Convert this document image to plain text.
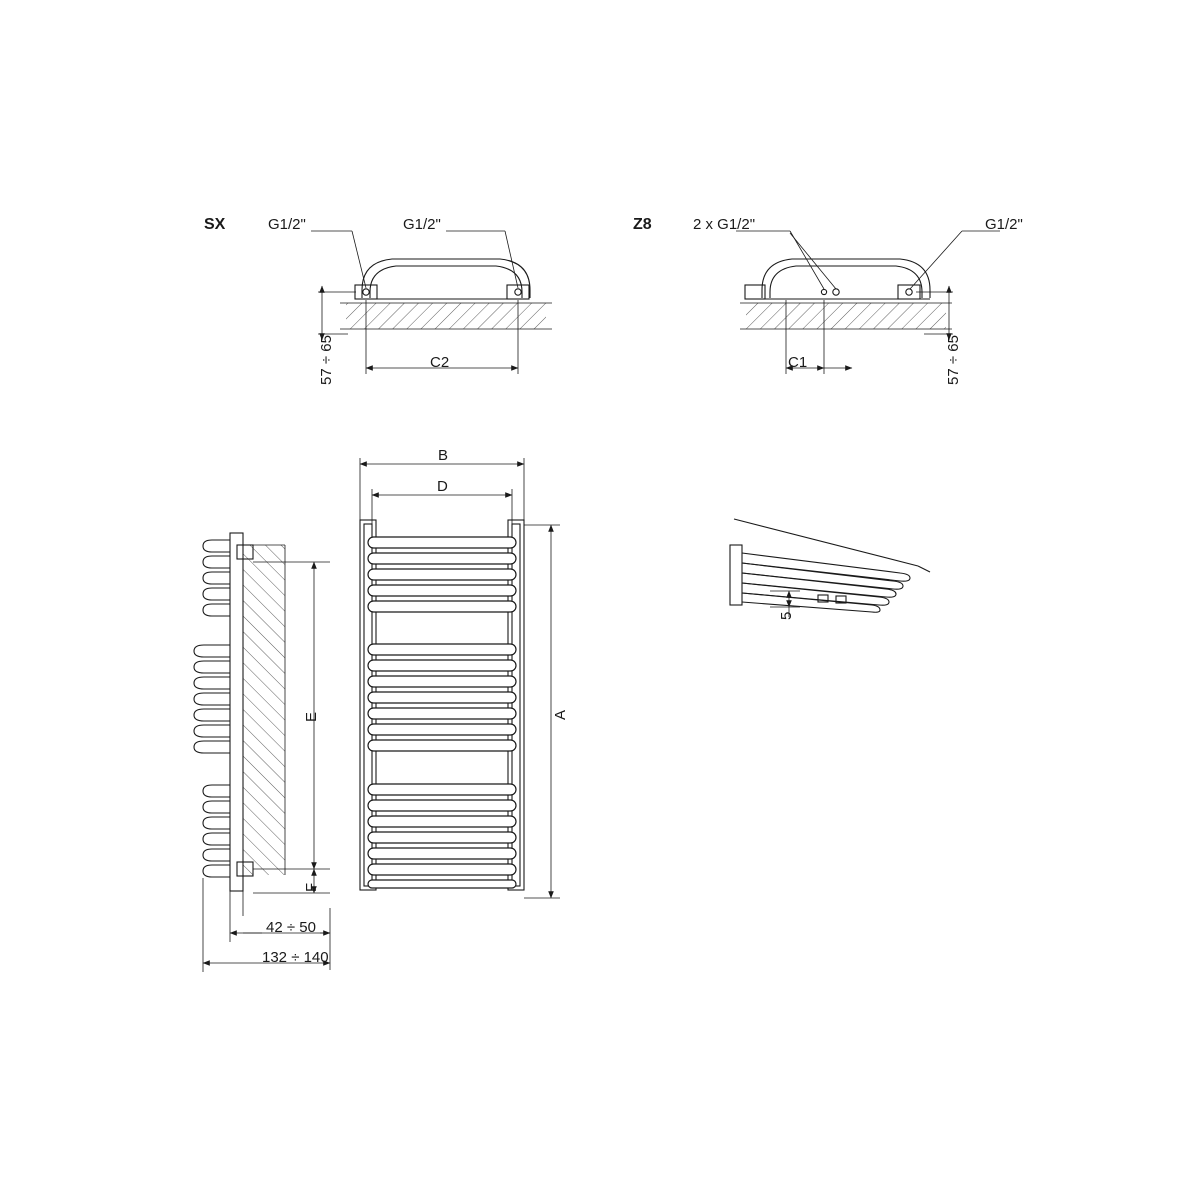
SX	G1/2"	G1/2"
57 ÷ 65	C2
Z8	2 x G1/2"	G1/2"
57 ÷ 65
C1
B
D
A
E
F
42 ÷ 50
132 ÷ 140
5
